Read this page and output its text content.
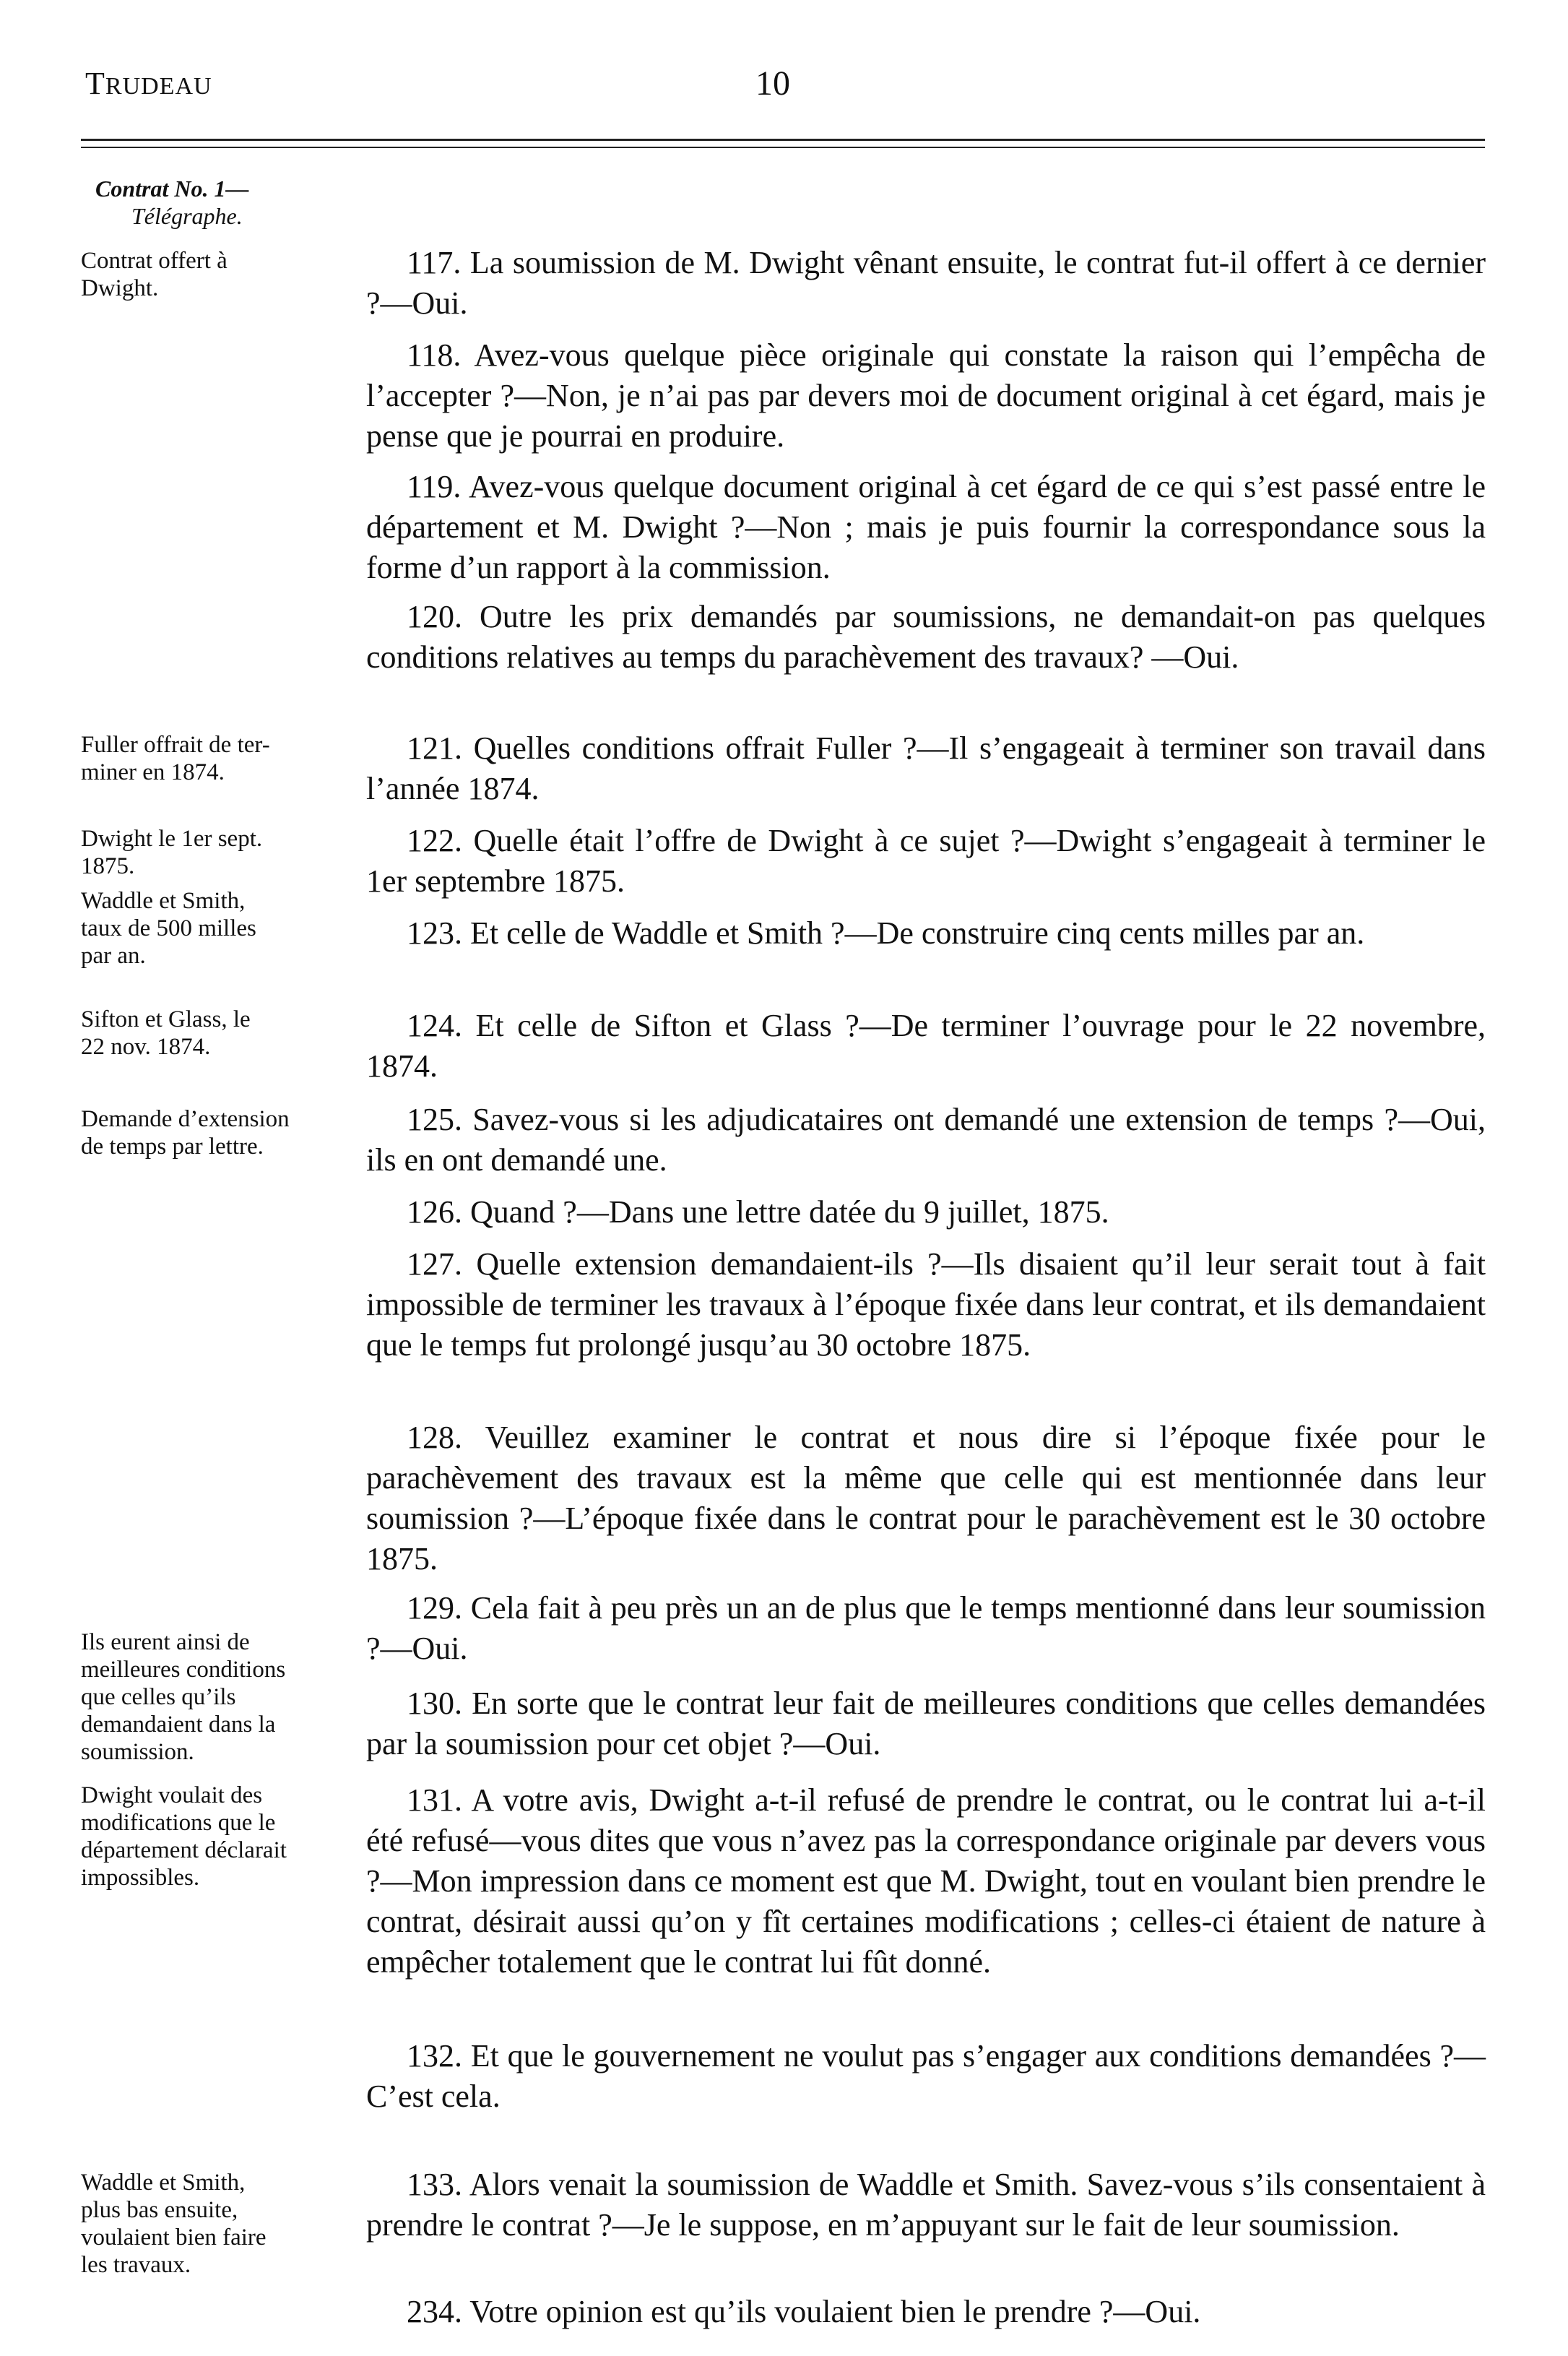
TRUDEAU	10
Contrat No. 1—
Télégraphe.
Contrat offert à
Dwight.
Fuller offrait de ter-
miner en 1874.
Dwight le 1er sept.
1875.
Waddle et Smith,
taux de 500 milles
par an.
Sifton et Glass, le
22 nov. 1874.
Demande d’extension
de temps par lettre.
Ils eurent ainsi de
meilleures conditions
que celles qu’ils
demandaient dans la
soumission.
Dwight voulait des
modifications que le
département déclarait
impossibles.
Waddle et Smith,
plus bas ensuite,
voulaient bien faire
les travaux.
117. La soumission de M. Dwight vênant ensuite, le contrat fut-il offert à ce dernier ?—Oui.
118. Avez-vous quelque pièce originale qui constate la raison qui l’empêcha de l’accepter ?—Non, je n’ai pas par devers moi de document original à cet égard, mais je pense que je pourrai en produire.
119. Avez-vous quelque document original à cet égard de ce qui s’est passé entre le département et M. Dwight ?—Non ; mais je puis fournir la correspondance sous la forme d’un rapport à la commission.
120. Outre les prix demandés par soumissions, ne demandait-on pas quelques conditions relatives au temps du parachèvement des travaux? —Oui.
121. Quelles conditions offrait Fuller ?—Il s’engageait à terminer son travail dans l’année 1874.
122. Quelle était l’offre de Dwight à ce sujet ?—Dwight s’engageait à terminer le 1er septembre 1875.
123. Et celle de Waddle et Smith ?—De construire cinq cents milles par an.
124. Et celle de Sifton et Glass ?—De terminer l’ouvrage pour le 22 novembre, 1874.
125. Savez-vous si les adjudicataires ont demandé une extension de temps ?—Oui, ils en ont demandé une.
126. Quand ?—Dans une lettre datée du 9 juillet, 1875.
127. Quelle extension demandaient-ils ?—Ils disaient qu’il leur serait tout à fait impossible de terminer les travaux à l’époque fixée dans leur contrat, et ils demandaient que le temps fut prolongé jusqu’au 30 octobre 1875.
128. Veuillez examiner le contrat et nous dire si l’époque fixée pour le parachèvement des travaux est la même que celle qui est mentionnée dans leur soumission ?—L’époque fixée dans le contrat pour le parachèvement est le 30 octobre 1875.
129. Cela fait à peu près un an de plus que le temps mentionné dans leur soumission ?—Oui.
130. En sorte que le contrat leur fait de meilleures conditions que celles demandées par la soumission pour cet objet ?—Oui.
131. A votre avis, Dwight a-t-il refusé de prendre le contrat, ou le contrat lui a-t-il été refusé—vous dites que vous n’avez pas la correspondance originale par devers vous ?—Mon impression dans ce moment est que M. Dwight, tout en voulant bien prendre le contrat, désirait aussi qu’on y fît certaines modifications ; celles-ci étaient de nature à empêcher totalement que le contrat lui fût donné.
132. Et que le gouvernement ne voulut pas s’engager aux conditions demandées ?—C’est cela.
133. Alors venait la soumission de Waddle et Smith. Savez-vous s’ils consentaient à prendre le contrat ?—Je le suppose, en m’appuyant sur le fait de leur soumission.
234. Votre opinion est qu’ils voulaient bien le prendre ?—Oui.
